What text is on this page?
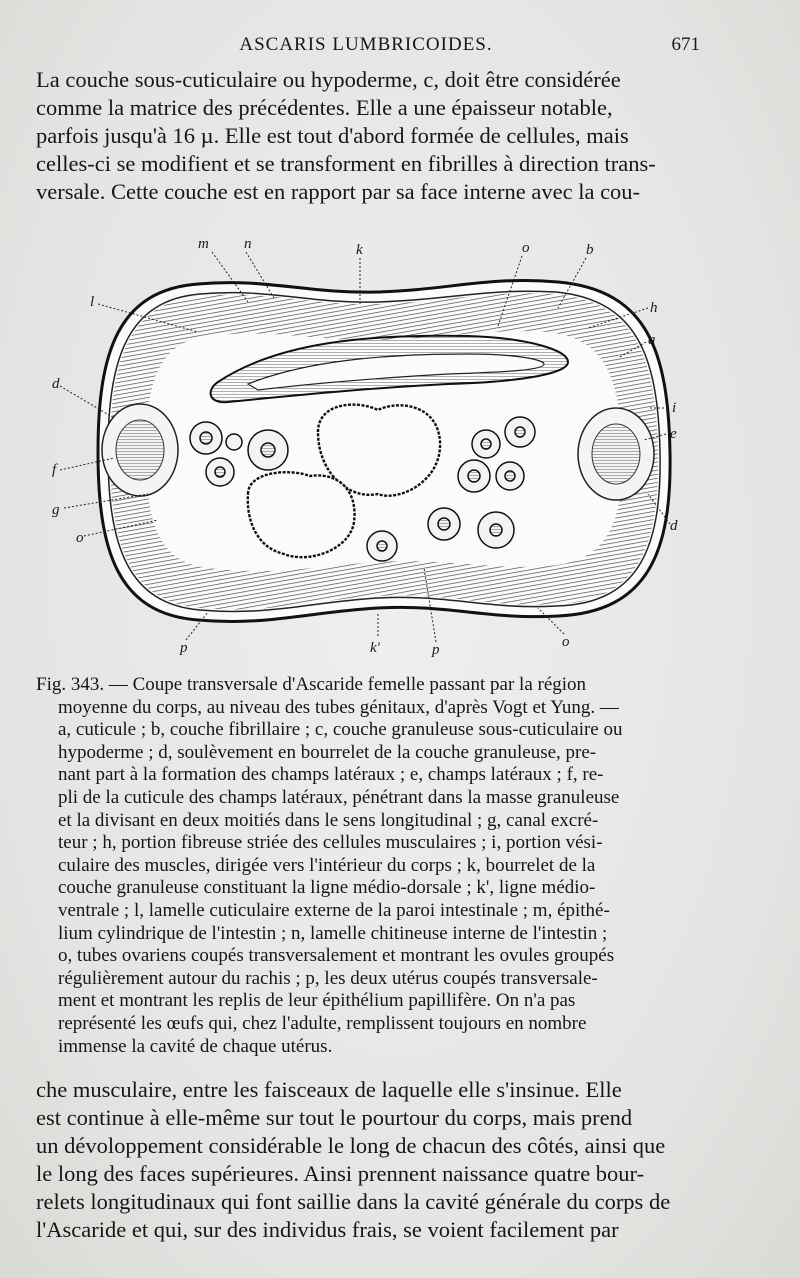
ASCARIS LUMBRICOIDES.	671

La couche sous-cuticulaire ou hypoderme, c, doit être considérée
comme la matrice des précédentes. Elle a une épaisseur notable,
parfois jusqu'à 16 µ. Elle est tout d'abord formée de cellules, mais
celles-ci se modifient et se transforment en fibrilles à direction trans-
versale. Cette couche est en rapport par sa face interne avec la cou-

m n	k	o	b
h
a
l
d
i
e
f
g
o
d
p	k'	p	o

Fig. 343. — Coupe transversale d'Ascaride femelle passant par la région
moyenne du corps, au niveau des tubes génitaux, d'après Vogt et Yung. —
a, cuticule ; b, couche fibrillaire ; c, couche granuleuse sous-cuticulaire ou
hypoderme ; d, soulèvement en bourrelet de la couche granuleuse, pre-
nant part à la formation des champs latéraux ; e, champs latéraux ; f, re-
pli de la cuticule des champs latéraux, pénétrant dans la masse granuleuse
et la divisant en deux moitiés dans le sens longitudinal ; g, canal excré-
teur ; h, portion fibreuse striée des cellules musculaires ; i, portion vési-
culaire des muscles, dirigée vers l'intérieur du corps ; k, bourrelet de la
couche granuleuse constituant la ligne médio-dorsale ; k', ligne médio-
ventrale ; l, lamelle cuticulaire externe de la paroi intestinale ; m, épithé-
lium cylindrique de l'intestin ; n, lamelle chitineuse interne de l'intestin ;
o, tubes ovariens coupés transversalement et montrant les ovules groupés
régulièrement autour du rachis ; p, les deux utérus coupés transversale-
ment et montrant les replis de leur épithélium papillifère. On n'a pas
représenté les œufs qui, chez l'adulte, remplissent toujours en nombre
immense la cavité de chaque utérus.

che musculaire, entre les faisceaux de laquelle elle s'insinue. Elle
est continue à elle-même sur tout le pourtour du corps, mais prend
un dévoloppement considérable le long de chacun des côtés, ainsi que
le long des faces supérieures. Ainsi prennent naissance quatre bour-
relets longitudinaux qui font saillie dans la cavité générale du corps de
l'Ascaride et qui, sur des individus frais, se voient facilement par
